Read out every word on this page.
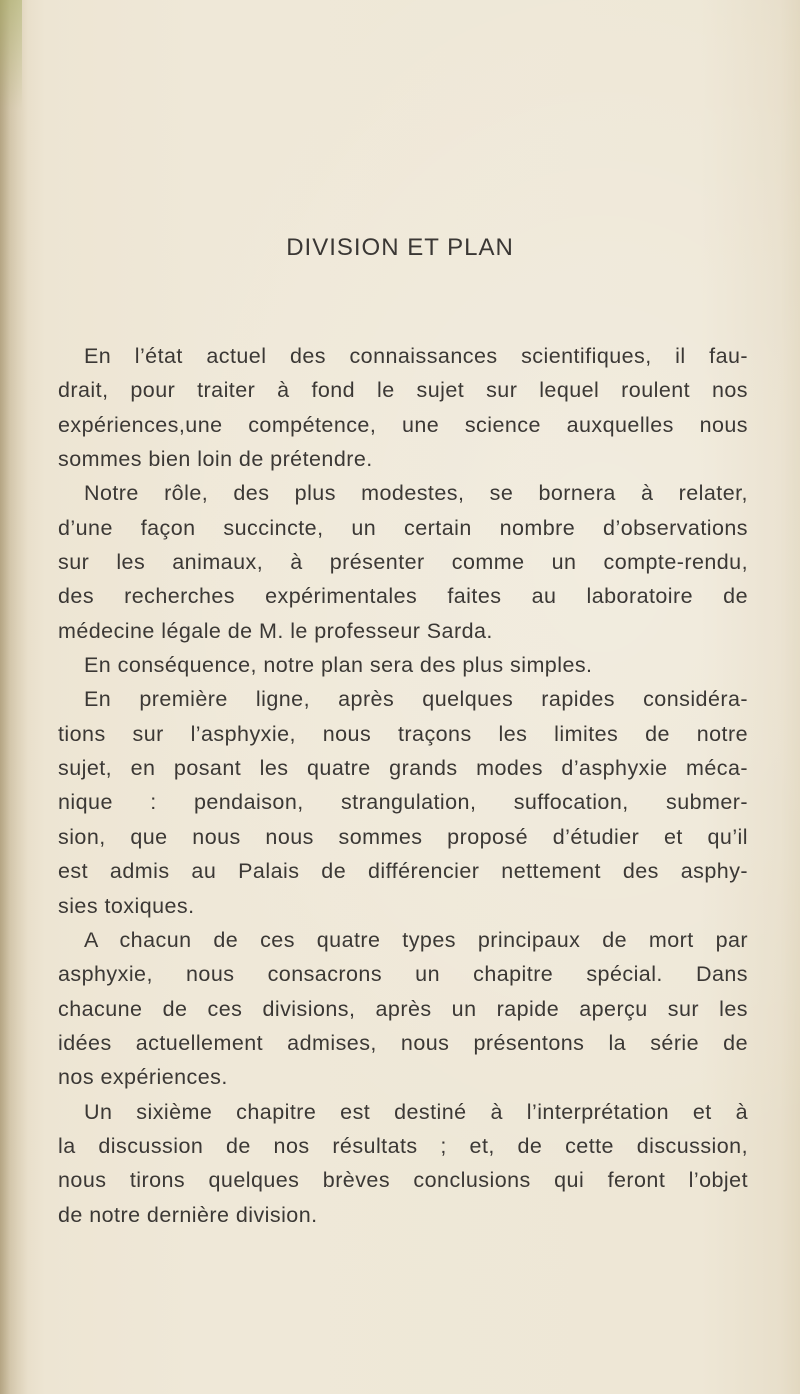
DIVISION ET PLAN
En l’état actuel des connaissances scientifiques, il fau-
drait, pour traiter à fond le sujet sur lequel roulent nos
expériences,une compétence, une science auxquelles nous
sommes bien loin de prétendre.
Notre rôle, des plus modestes, se bornera à relater,
d’une façon succincte, un certain nombre d’observations
sur les animaux, à présenter comme un compte-rendu,
des recherches expérimentales faites au laboratoire de
médecine légale de M. le professeur Sarda.
En conséquence, notre plan sera des plus simples.
En première ligne, après quelques rapides considéra-
tions sur l’asphyxie, nous traçons les limites de notre
sujet, en posant les quatre grands modes d’asphyxie méca-
nique : pendaison, strangulation, suffocation, submer-
sion, que nous nous sommes proposé d’étudier et qu’il
est admis au Palais de différencier nettement des asphy-
sies toxiques.
A chacun de ces quatre types principaux de mort par
asphyxie, nous consacrons un chapitre spécial. Dans
chacune de ces divisions, après un rapide aperçu sur les
idées actuellement admises, nous présentons la série de
nos expériences.
Un sixième chapitre est destiné à l’interprétation et à
la discussion de nos résultats ; et, de cette discussion,
nous tirons quelques brèves conclusions qui feront l’objet
de notre dernière division.
